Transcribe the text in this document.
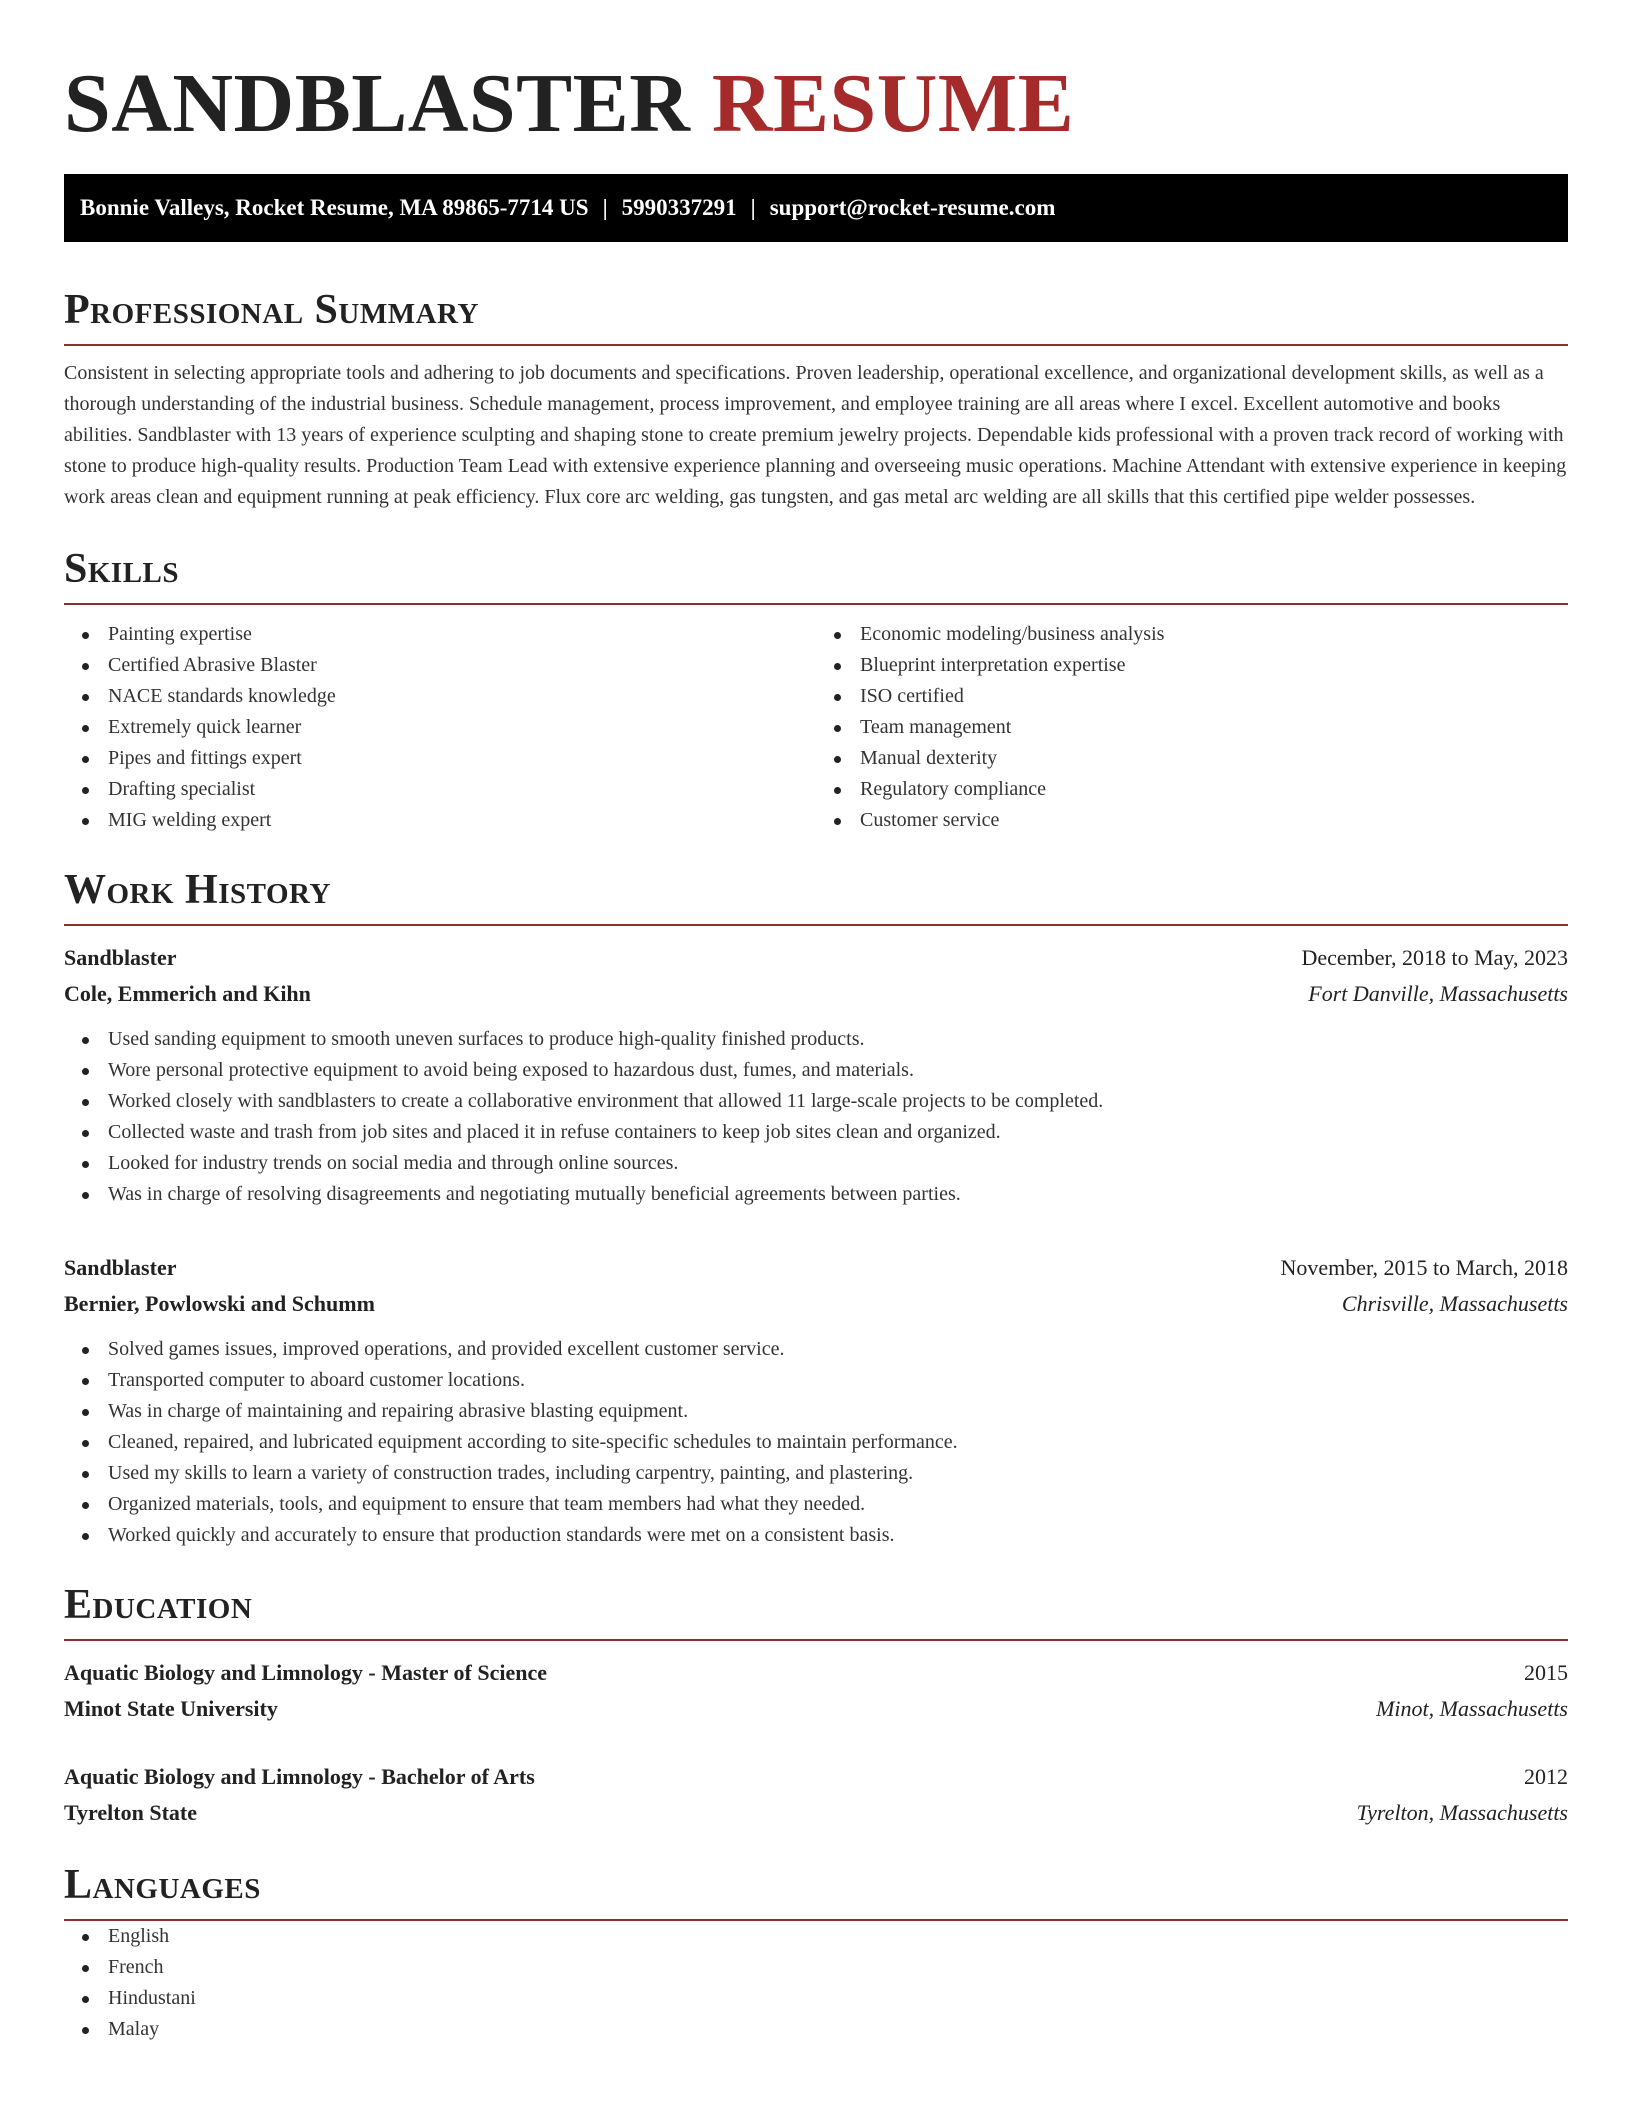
SANDBLASTER RESUME
Bonnie Valleys, Rocket Resume, MA 89865-7714 US | 5990337291 | support@rocket-resume.com
Professional Summary

Consistent in selecting appropriate tools and adhering to job documents and specifications. Proven leadership, operational excellence, and organizational development skills, as well as a thorough understanding of the industrial business. Schedule management, process improvement, and employee training are all areas where I excel. Excellent automotive and books abilities. Sandblaster with 13 years of experience sculpting and shaping stone to create premium jewelry projects. Dependable kids professional with a proven track record of working with stone to produce high-quality results. Production Team Lead with extensive experience planning and overseeing music operations. Machine Attendant with extensive experience in keeping work areas clean and equipment running at peak efficiency. Flux core arc welding, gas tungsten, and gas metal arc welding are all skills that this certified pipe welder possesses.

Skills
Painting expertise
Certified Abrasive Blaster
NACE standards knowledge
Extremely quick learner
Pipes and fittings expert
Drafting specialist
MIG welding expert
Economic modeling/business analysis
Blueprint interpretation expertise
ISO certified
Team management
Manual dexterity
Regulatory compliance
Customer service
Work History
Sandblaster	December, 2018 to May, 2023
Cole, Emmerich and Kihn	Fort Danville, Massachusetts
Used sanding equipment to smooth uneven surfaces to produce high-quality finished products.
Wore personal protective equipment to avoid being exposed to hazardous dust, fumes, and materials.
Worked closely with sandblasters to create a collaborative environment that allowed 11 large-scale projects to be completed.
Collected waste and trash from job sites and placed it in refuse containers to keep job sites clean and organized.
Looked for industry trends on social media and through online sources.
Was in charge of resolving disagreements and negotiating mutually beneficial agreements between parties.
Sandblaster	November, 2015 to March, 2018
Bernier, Powlowski and Schumm	Chrisville, Massachusetts
Solved games issues, improved operations, and provided excellent customer service.
Transported computer to aboard customer locations.
Was in charge of maintaining and repairing abrasive blasting equipment.
Cleaned, repaired, and lubricated equipment according to site-specific schedules to maintain performance.
Used my skills to learn a variety of construction trades, including carpentry, painting, and plastering.
Organized materials, tools, and equipment to ensure that team members had what they needed.
Worked quickly and accurately to ensure that production standards were met on a consistent basis.
Education
Aquatic Biology and Limnology - Master of Science	2015
Minot State University	Minot, Massachusetts
Aquatic Biology and Limnology - Bachelor of Arts	2012
Tyrelton State	Tyrelton, Massachusetts
Languages
English
French
Hindustani
Malay
